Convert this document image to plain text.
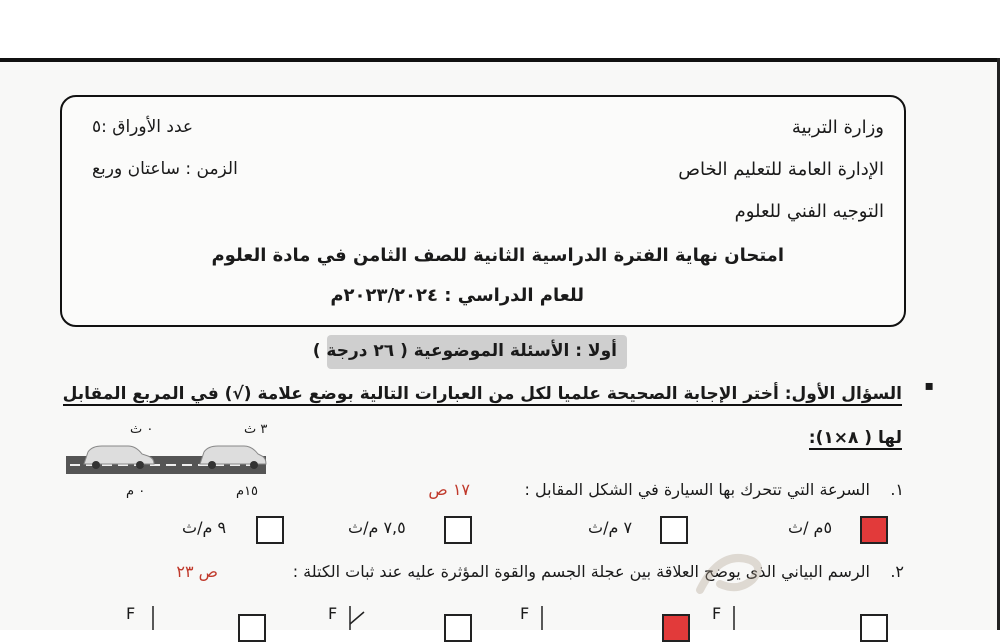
وزارة التربية
الإدارة العامة للتعليم الخاص
التوجيه الفني للعلوم
عدد الأوراق :٥
الزمن : ساعتان وربع
امتحان نهاية الفترة الدراسية الثانية للصف الثامن في مادة العلوم
للعام الدراسي : ٢٠٢٣/٢٠٢٤م
أولا : الأسئلة الموضوعية ( ٢٦ درجة )
▪
السؤال الأول: أختر الإجابة الصحيحة علميا لكل من العبارات التالية بوضع علامة (√) في المربع المقابل
لها ( ٨×١):
٠ ث	٣ ث
٠ م	١٥م	١.
السرعة التي تتحرك بها السيارة في الشكل المقابل :
١٧ ص
٥م /ث
٧ م/ث
٧,٥ م/ث
٩ م/ث
٢.
الرسم البياني الذى يوضح العلاقة بين عجلة الجسم والقوة المؤثرة عليه عند ثبات الكتلة :
ص ٢٣
F	F	F	F
